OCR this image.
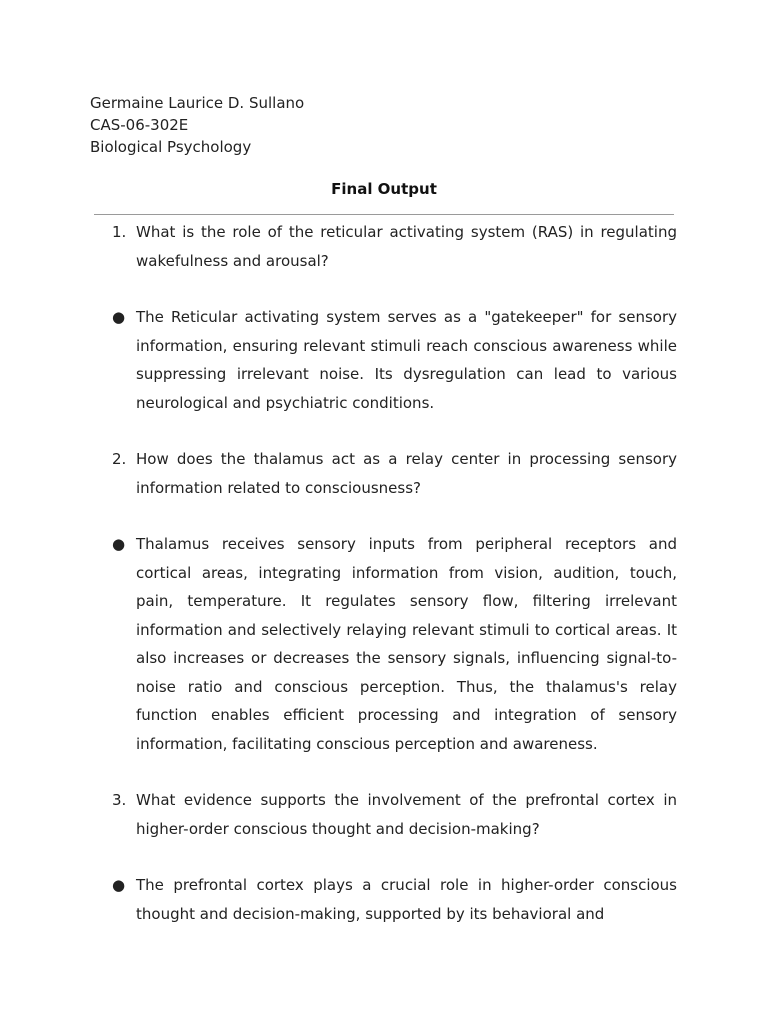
Germaine Laurice D. Sullano
CAS-06-302E
Biological Psychology
Final Output
1. What is the role of the reticular activating system (RAS) in regulating wakefulness and arousal?
● The Reticular activating system serves as a "gatekeeper" for sensory information, ensuring relevant stimuli reach conscious awareness while suppressing irrelevant noise. Its dysregulation can lead to various neurological and psychiatric conditions.
2. How does the thalamus act as a relay center in processing sensory information related to consciousness?
● Thalamus receives sensory inputs from peripheral receptors and cortical areas, integrating information from vision, audition, touch, pain, temperature. It regulates sensory flow, filtering irrelevant information and selectively relaying relevant stimuli to cortical areas. It also increases or decreases the sensory signals, influencing signal-to-noise ratio and conscious perception. Thus, the thalamus's relay function enables efficient processing and integration of sensory information, facilitating conscious perception and awareness.
3. What evidence supports the involvement of the prefrontal cortex in higher-order conscious thought and decision-making?
● The prefrontal cortex plays a crucial role in higher-order conscious thought and decision-making, supported by its behavioral and
